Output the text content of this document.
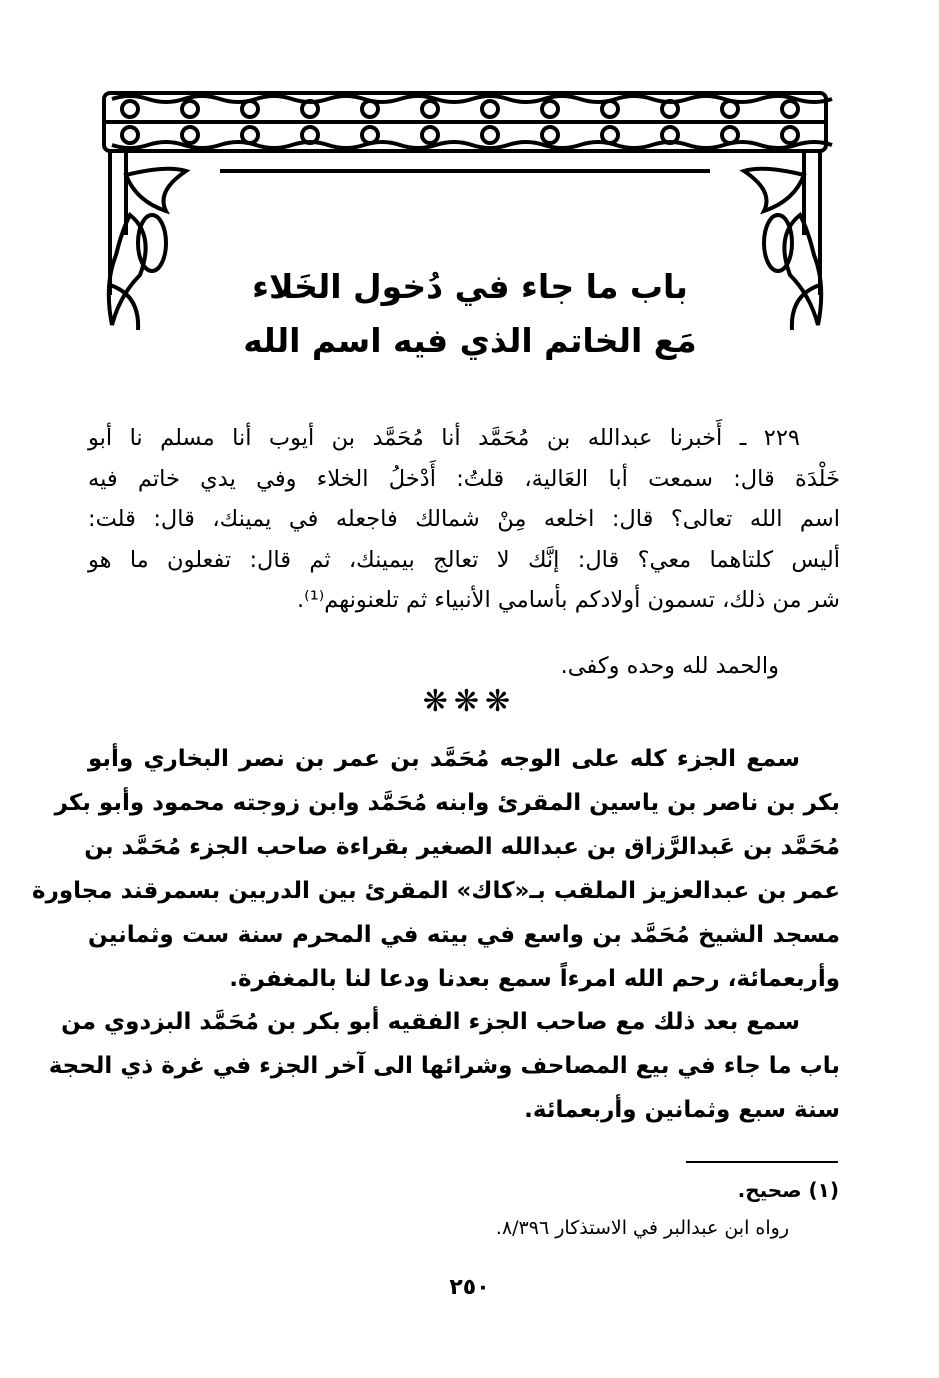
باب ما جاء في دُخول الخَلاء
مَع الخاتم الذي فيه اسم الله
٢٢٩ ـ أَخبرنا عبدالله بن مُحَمَّد أنا مُحَمَّد بن أيوب أنا مسلم نا أبو
خَلْدَة قال: سمعت أبا العَالية، قلتُ: أَدْخلُ الخلاء وفي يدي خاتم فيه
اسم الله تعالى؟ قال: اخلعه مِنْ شمالك فاجعله في يمينك، قال: قلت:
أليس كلتاهما معي؟ قال: إنَّك لا تعالج بيمينك، ثم قال: تفعلون ما هو
شر من ذلك، تسمون أولادكم بأسامي الأنبياء ثم تلعنونهم⁽¹⁾.
والحمد لله وحده وكفى.
❋❋❋
سمع الجزء كله على الوجه مُحَمَّد بن عمر بن نصر البخاري وأبو
بكر بن ناصر بن ياسين المقرئ وابنه مُحَمَّد وابن زوجته محمود وأبو بكر
مُحَمَّد بن عَبدالرَّزاق بن عبدالله الصغير بقراءة صاحب الجزء مُحَمَّد بن
عمر بن عبدالعزيز الملقب بـ«كاك» المقرئ بين الدربين بسمرقند مجاورة
مسجد الشيخ مُحَمَّد بن واسع في بيته في المحرم سنة ست وثمانين
وأربعمائة، رحم الله امرءاً سمع بعدنا ودعا لنا بالمغفرة.
سمع بعد ذلك مع صاحب الجزء الفقيه أبو بكر بن مُحَمَّد البزدوي من
باب ما جاء في بيع المصاحف وشرائها الى آخر الجزء في غرة ذي الحجة
سنة سبع وثمانين وأربعمائة.
(١) صحيح.
رواه ابن عبدالبر في الاستذكار ٨/٣٩٦.
٢٥٠
